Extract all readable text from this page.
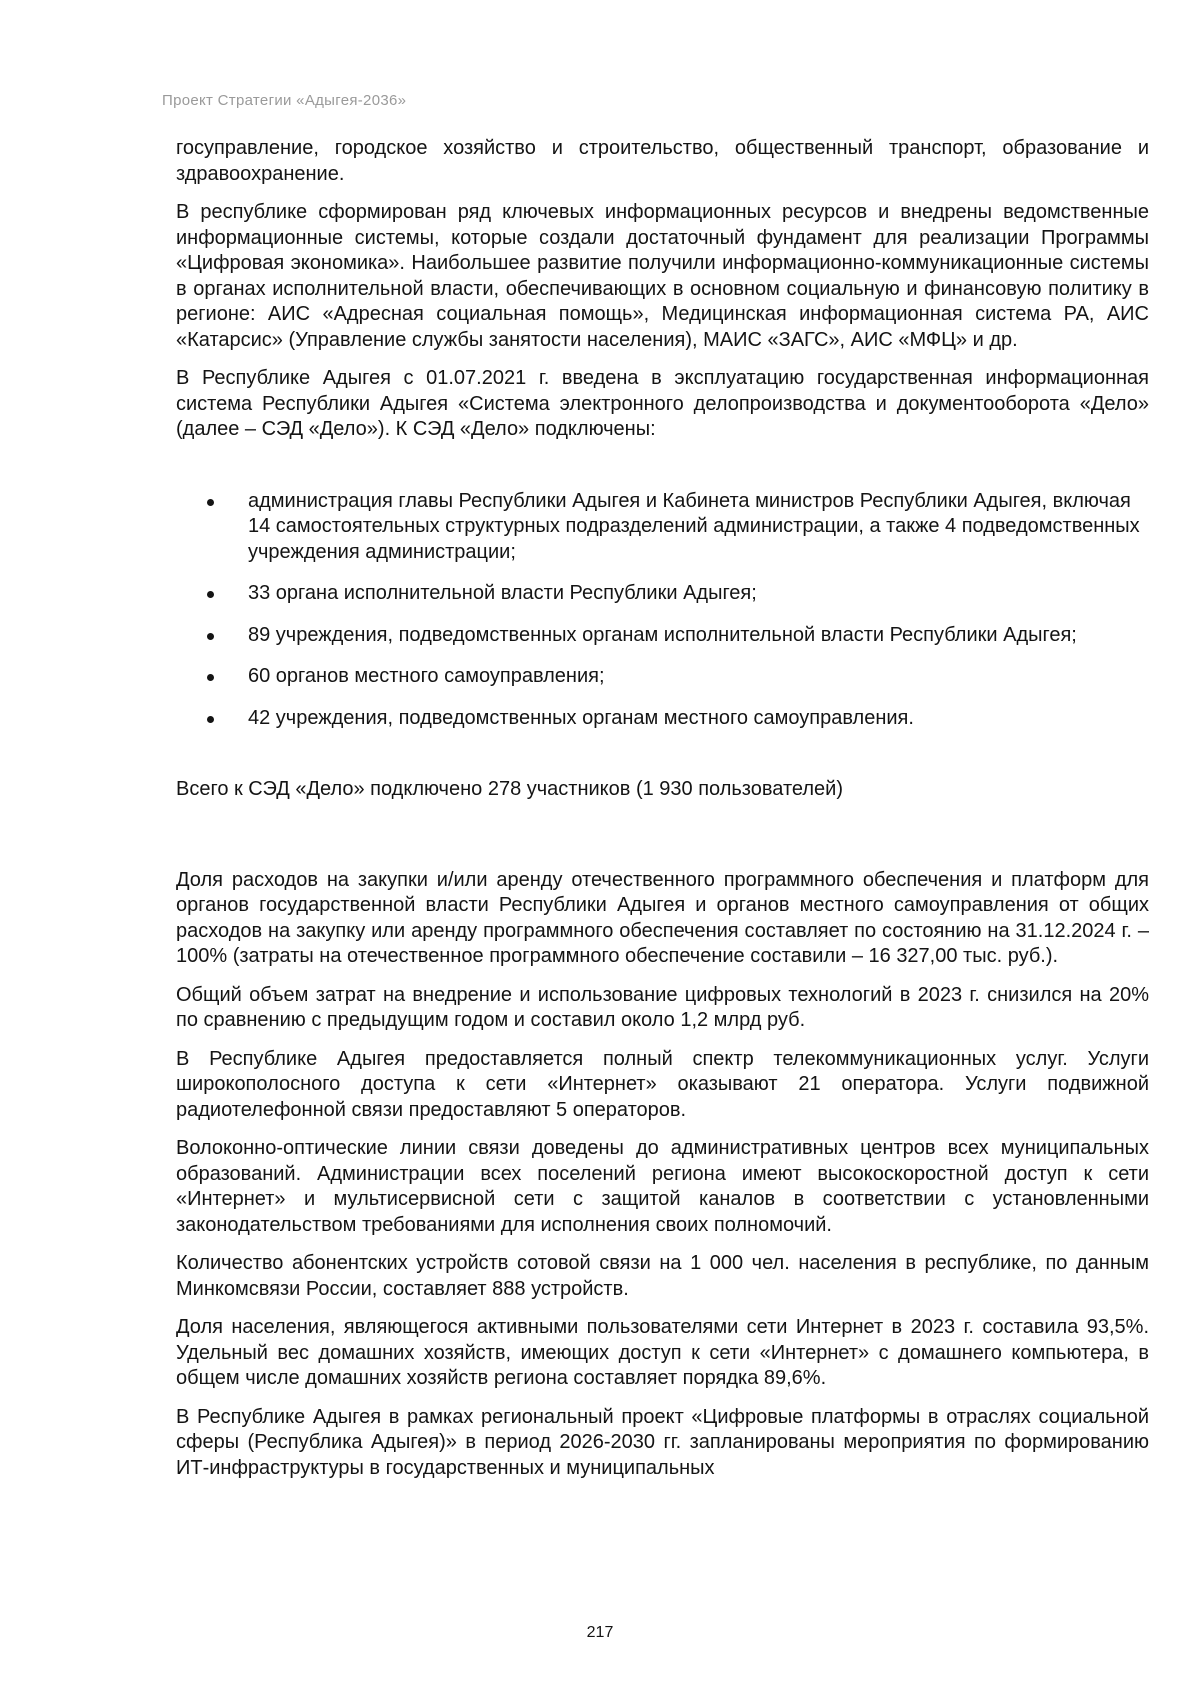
Проект Стратегии «Адыгея-2036»

госуправление, городское хозяйство и строительство, общественный транспорт, образование и здравоохранение.

В республике сформирован ряд ключевых информационных ресурсов и внедрены ведомственные информационные системы, которые создали достаточный фундамент для реализации Программы «Цифровая экономика». Наибольшее развитие получили информационно-коммуникационные системы в органах исполнительной власти, обеспечивающих в основном социальную и финансовую политику в регионе: АИС «Адресная социальная помощь», Медицинская информационная система РА, АИС «Катарсис» (Управление службы занятости населения), МАИС «ЗАГС», АИС «МФЦ» и др.

В Республике Адыгея с 01.07.2021 г. введена в эксплуатацию государственная информационная система Республики Адыгея «Система электронного делопроизводства и документооборота «Дело» (далее – СЭД «Дело»). К СЭД «Дело» подключены:

администрация главы Республики Адыгея и Кабинета министров Республики Адыгея, включая 14 самостоятельных структурных подразделений администрации, а также 4 подведомственных учреждения администрации;
33 органа исполнительной власти Республики Адыгея;
89 учреждения, подведомственных органам исполнительной власти Республики Адыгея;
60 органов местного самоуправления;
42 учреждения, подведомственных органам местного самоуправления.

Всего к СЭД «Дело» подключено 278 участников (1 930 пользователей)

Доля расходов на закупки и/или аренду отечественного программного обеспечения и платформ для органов государственной власти Республики Адыгея и органов местного самоуправления от общих расходов на закупку или аренду программного обеспечения составляет по состоянию на 31.12.2024 г. – 100% (затраты на отечественное программного обеспечение составили – 16 327,00 тыс. руб.).

Общий объем затрат на внедрение и использование цифровых технологий в 2023 г. снизился на 20% по сравнению с предыдущим годом и составил около 1,2 млрд руб.

В Республике Адыгея предоставляется полный спектр телекоммуникационных услуг. Услуги широкополосного доступа к сети «Интернет» оказывают 21 оператора. Услуги подвижной радиотелефонной связи предоставляют 5 операторов.

Волоконно-оптические линии связи доведены до административных центров всех муниципальных образований. Администрации всех поселений региона имеют высокоскоростной доступ к сети «Интернет» и мультисервисной сети с защитой каналов в соответствии с установленными законодательством требованиями для исполнения своих полномочий.

Количество абонентских устройств сотовой связи на 1 000 чел. населения в республике, по данным Минкомсвязи России, составляет 888 устройств.

Доля населения, являющегося активными пользователями сети Интернет в 2023 г. составила 93,5%. Удельный вес домашних хозяйств, имеющих доступ к сети «Интернет» с домашнего компьютера, в общем числе домашних хозяйств региона составляет порядка 89,6%.

В Республике Адыгея в рамках региональный проект «Цифровые платформы в отраслях социальной сферы (Республика Адыгея)» в период 2026-2030 гг. запланированы мероприятия по формированию ИТ-инфраструктуры в государственных и муниципальных

217
